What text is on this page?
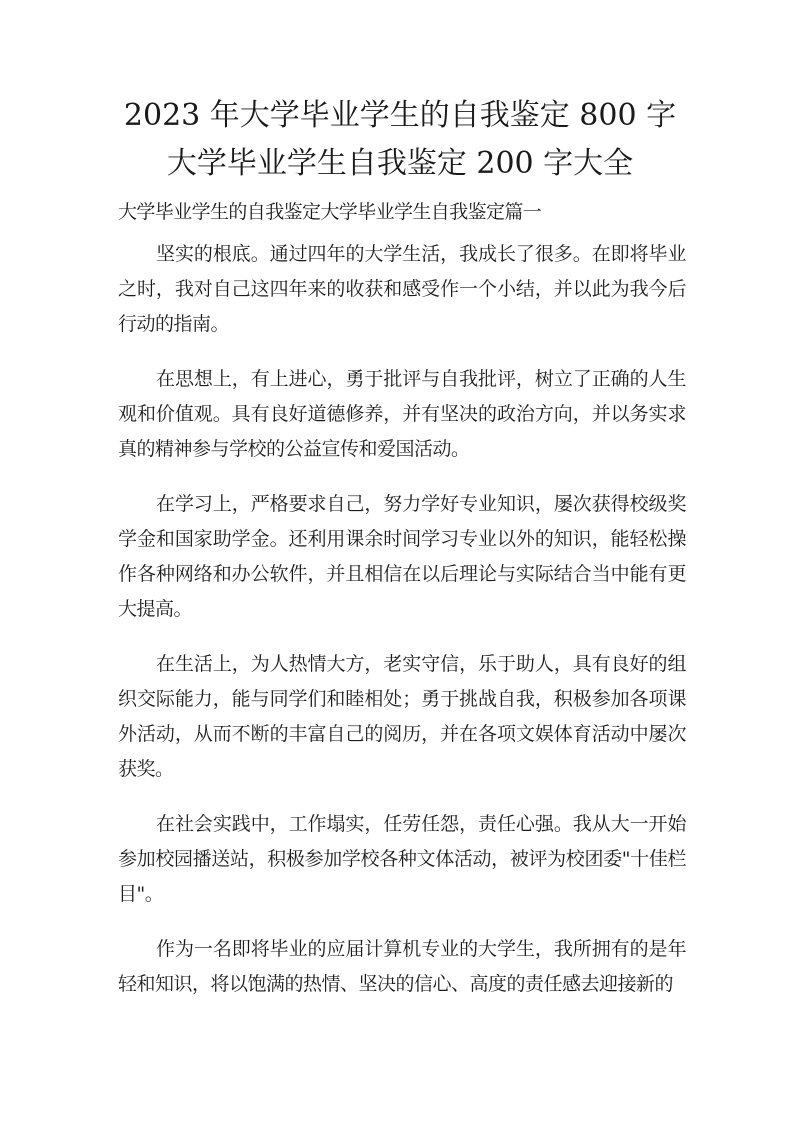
2023 年大学毕业学生的自我鉴定 800 字 大学毕业学生自我鉴定 200 字大全

大学毕业学生的自我鉴定大学毕业学生自我鉴定篇一

坚实的根底。通过四年的大学生活，我成长了很多。在即将毕业之时，我对自己这四年来的收获和感受作一个小结，并以此为我今后行动的指南。

在思想上，有上进心，勇于批评与自我批评，树立了正确的人生观和价值观。具有良好道德修养，并有坚决的政治方向，并以务实求真的精神参与学校的公益宣传和爱国活动。

在学习上，严格要求自己，努力学好专业知识，屡次获得校级奖学金和国家助学金。还利用课余时间学习专业以外的知识，能轻松操作各种网络和办公软件，并且相信在以后理论与实际结合当中能有更大提高。

在生活上，为人热情大方，老实守信，乐于助人，具有良好的组织交际能力，能与同学们和睦相处；勇于挑战自我，积极参加各项课外活动，从而不断的丰富自己的阅历，并在各项文娱体育活动中屡次获奖。

在社会实践中，工作塌实，任劳任怨，责任心强。我从大一开始参加校园播送站，积极参加学校各种文体活动，被评为校团委"十佳栏目"。

作为一名即将毕业的应届计算机专业的大学生，我所拥有的是年轻和知识，将以饱满的热情、坚决的信心、高度的责任感去迎接新的
